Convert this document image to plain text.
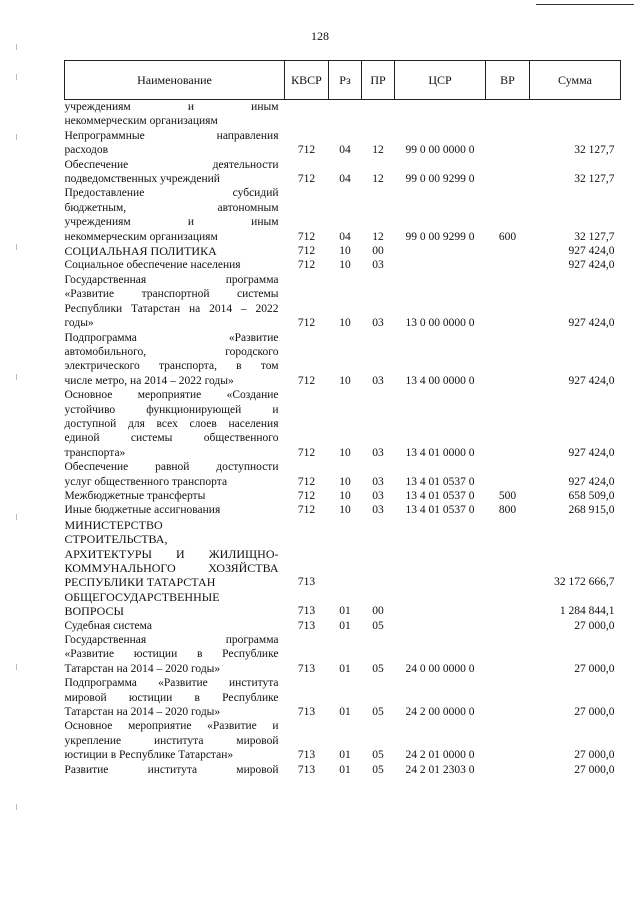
128
Наименование	КВСР	Рз	ПР	ЦСР	ВР	Сумма

учреждениям и иным
некоммерческим организациям						

Непрограммные направления
расходов	712	04	12	99 0 00 0000 0		32 127,7

Обеспечение деятельности
подведомственных учреждений	712	04	12	99 0 00 9299 0		32 127,7

Предоставление субсидий
бюджетным, автономным
учреждениям и иным
некоммерческим организациям	712	04	12	99 0 00 9299 0	600	32 127,7

СОЦИАЛЬНАЯ ПОЛИТИКА	712	10	00			927 424,0

Социальное обеспечение населения	712	10	03			927 424,0

Государственная программа
«Развитие транспортной системы
Республики Татарстан на 2014 – 2022
годы»	712	10	03	13 0 00 0000 0		927 424,0

Подпрограмма «Развитие
автомобильного, городского
электрического транспорта, в том
числе метро, на 2014 – 2022 годы»	712	10	03	13 4 00 0000 0		927 424,0

Основное мероприятие «Создание
устойчиво функционирующей и
доступной для всех слоев населения
единой системы общественного
транспорта»	712	10	03	13 4 01 0000 0		927 424,0

Обеспечение равной доступности
услуг общественного транспорта	712	10	03	13 4 01 0537 0		927 424,0

Межбюджетные трансферты	712	10	03	13 4 01 0537 0	500	658 509,0

Иные бюджетные ассигнования	712	10	03	13 4 01 0537 0	800	268 915,0

МИНИСТЕРСТВО
СТРОИТЕЛЬСТВА,
АРХИТЕКТУРЫ И ЖИЛИЩНО-
КОММУНАЛЬНОГО ХОЗЯЙСТВА
РЕСПУБЛИКИ ТАТАРСТАН	713					32 172 666,7

ОБЩЕГОСУДАРСТВЕННЫЕ
ВОПРОСЫ	713	01	00			1 284 844,1

Судебная система	713	01	05			27 000,0

Государственная программа
«Развитие юстиции в Республике
Татарстан на 2014 – 2020 годы»	713	01	05	24 0 00 0000 0		27 000,0

Подпрограмма «Развитие института
мировой юстиции в Республике
Татарстан на 2014 – 2020 годы»	713	01	05	24 2 00 0000 0		27 000,0

Основное мероприятие «Развитие и
укрепление института мировой
юстиции в Республике Татарстан»	713	01	05	24 2 01 0000 0		27 000,0

Развитие института мировой	713	01	05	24 2 01 2303 0		27 000,0
